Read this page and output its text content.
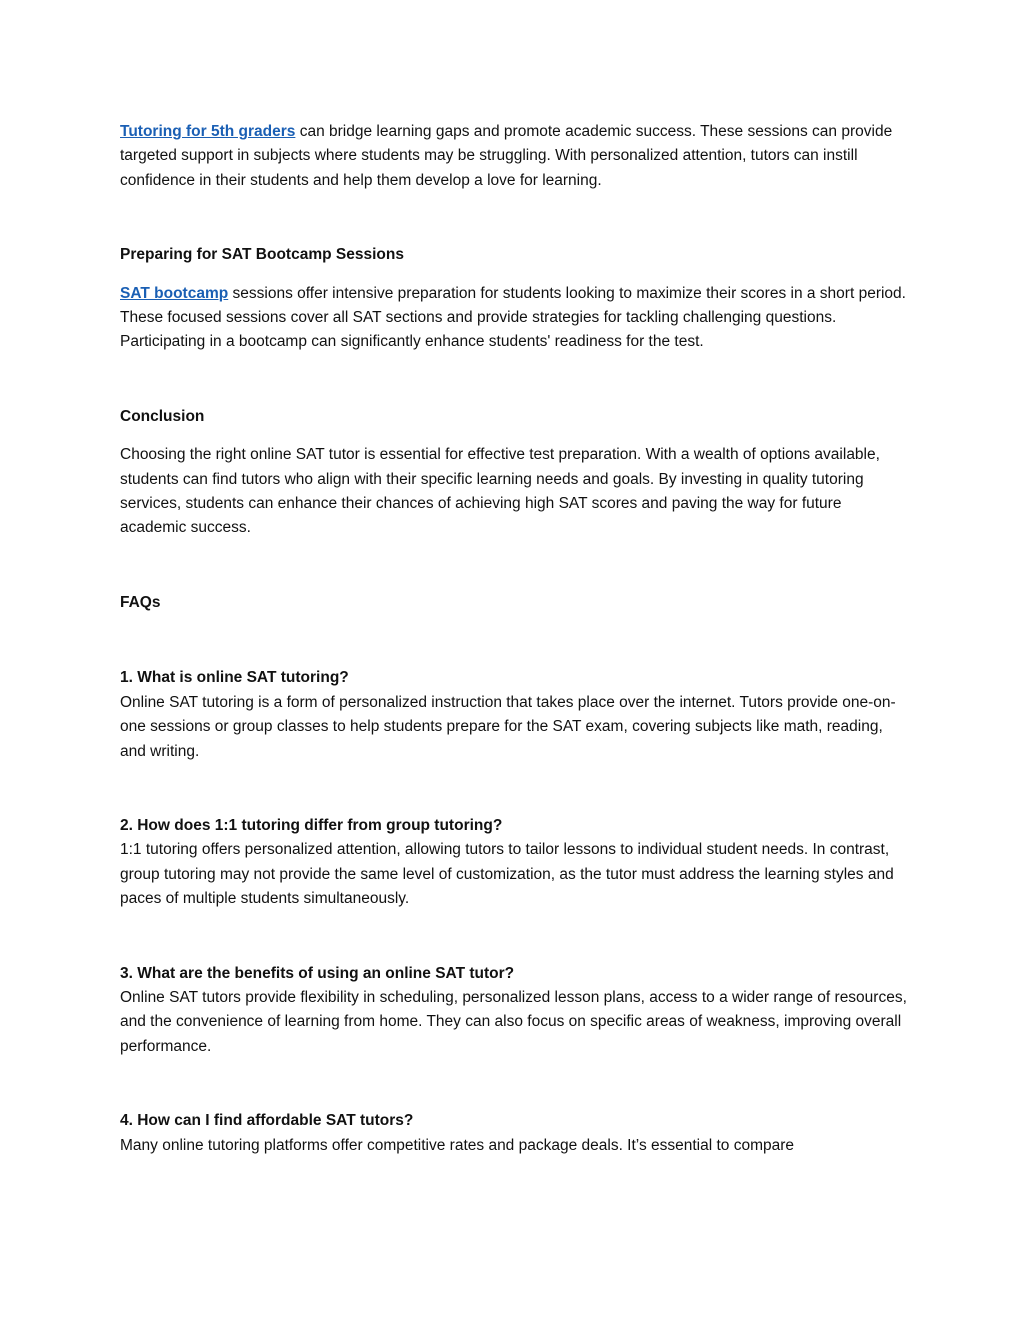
Tutoring for 5th graders can bridge learning gaps and promote academic success. These sessions can provide targeted support in subjects where students may be struggling. With personalized attention, tutors can instill confidence in their students and help them develop a love for learning.

Preparing for SAT Bootcamp Sessions

SAT bootcamp sessions offer intensive preparation for students looking to maximize their scores in a short period. These focused sessions cover all SAT sections and provide strategies for tackling challenging questions. Participating in a bootcamp can significantly enhance students' readiness for the test.

Conclusion

Choosing the right online SAT tutor is essential for effective test preparation. With a wealth of options available, students can find tutors who align with their specific learning needs and goals. By investing in quality tutoring services, students can enhance their chances of achieving high SAT scores and paving the way for future academic success.

FAQs

1. What is online SAT tutoring?

Online SAT tutoring is a form of personalized instruction that takes place over the internet. Tutors provide one-on-one sessions or group classes to help students prepare for the SAT exam, covering subjects like math, reading, and writing.

2. How does 1:1 tutoring differ from group tutoring?

1:1 tutoring offers personalized attention, allowing tutors to tailor lessons to individual student needs. In contrast, group tutoring may not provide the same level of customization, as the tutor must address the learning styles and paces of multiple students simultaneously.

3. What are the benefits of using an online SAT tutor?

Online SAT tutors provide flexibility in scheduling, personalized lesson plans, access to a wider range of resources, and the convenience of learning from home. They can also focus on specific areas of weakness, improving overall performance.

4. How can I find affordable SAT tutors?

Many online tutoring platforms offer competitive rates and package deals. It’s essential to compare
